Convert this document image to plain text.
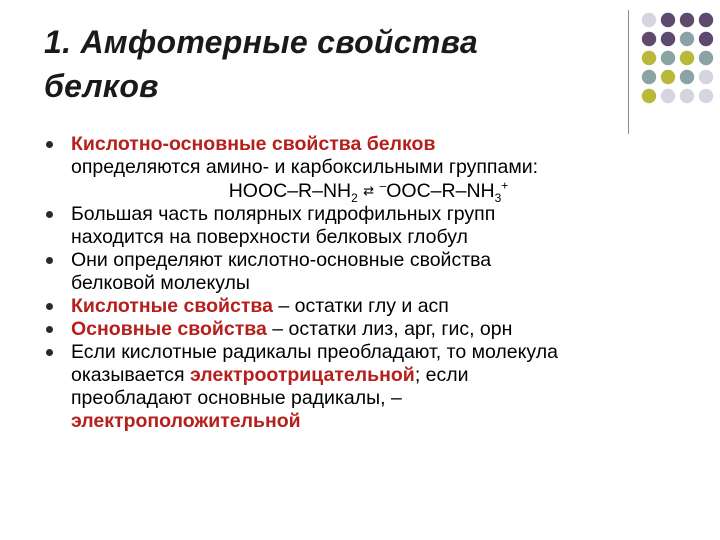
1. Амфотерные свойства
белков
Кислотно-основные свойства белков
определяются амино- и карбоксильными группами:
HOOC–$R-NH_2$ ⇄ $^-OOC-R-NH_3^+$
Большая часть полярных гидрофильных групп
находится на поверхности белковых глобул
Они определяют кислотно-основные свойства
белковой молекулы
Кислотные свойства – остатки глу и асп
Основные свойства – остатки лиз, арг, гис, орн
Если кислотные радикалы преобладают, то молекула
оказывается электроотрицательной; если
преобладают основные радикалы, –
электроположительной
